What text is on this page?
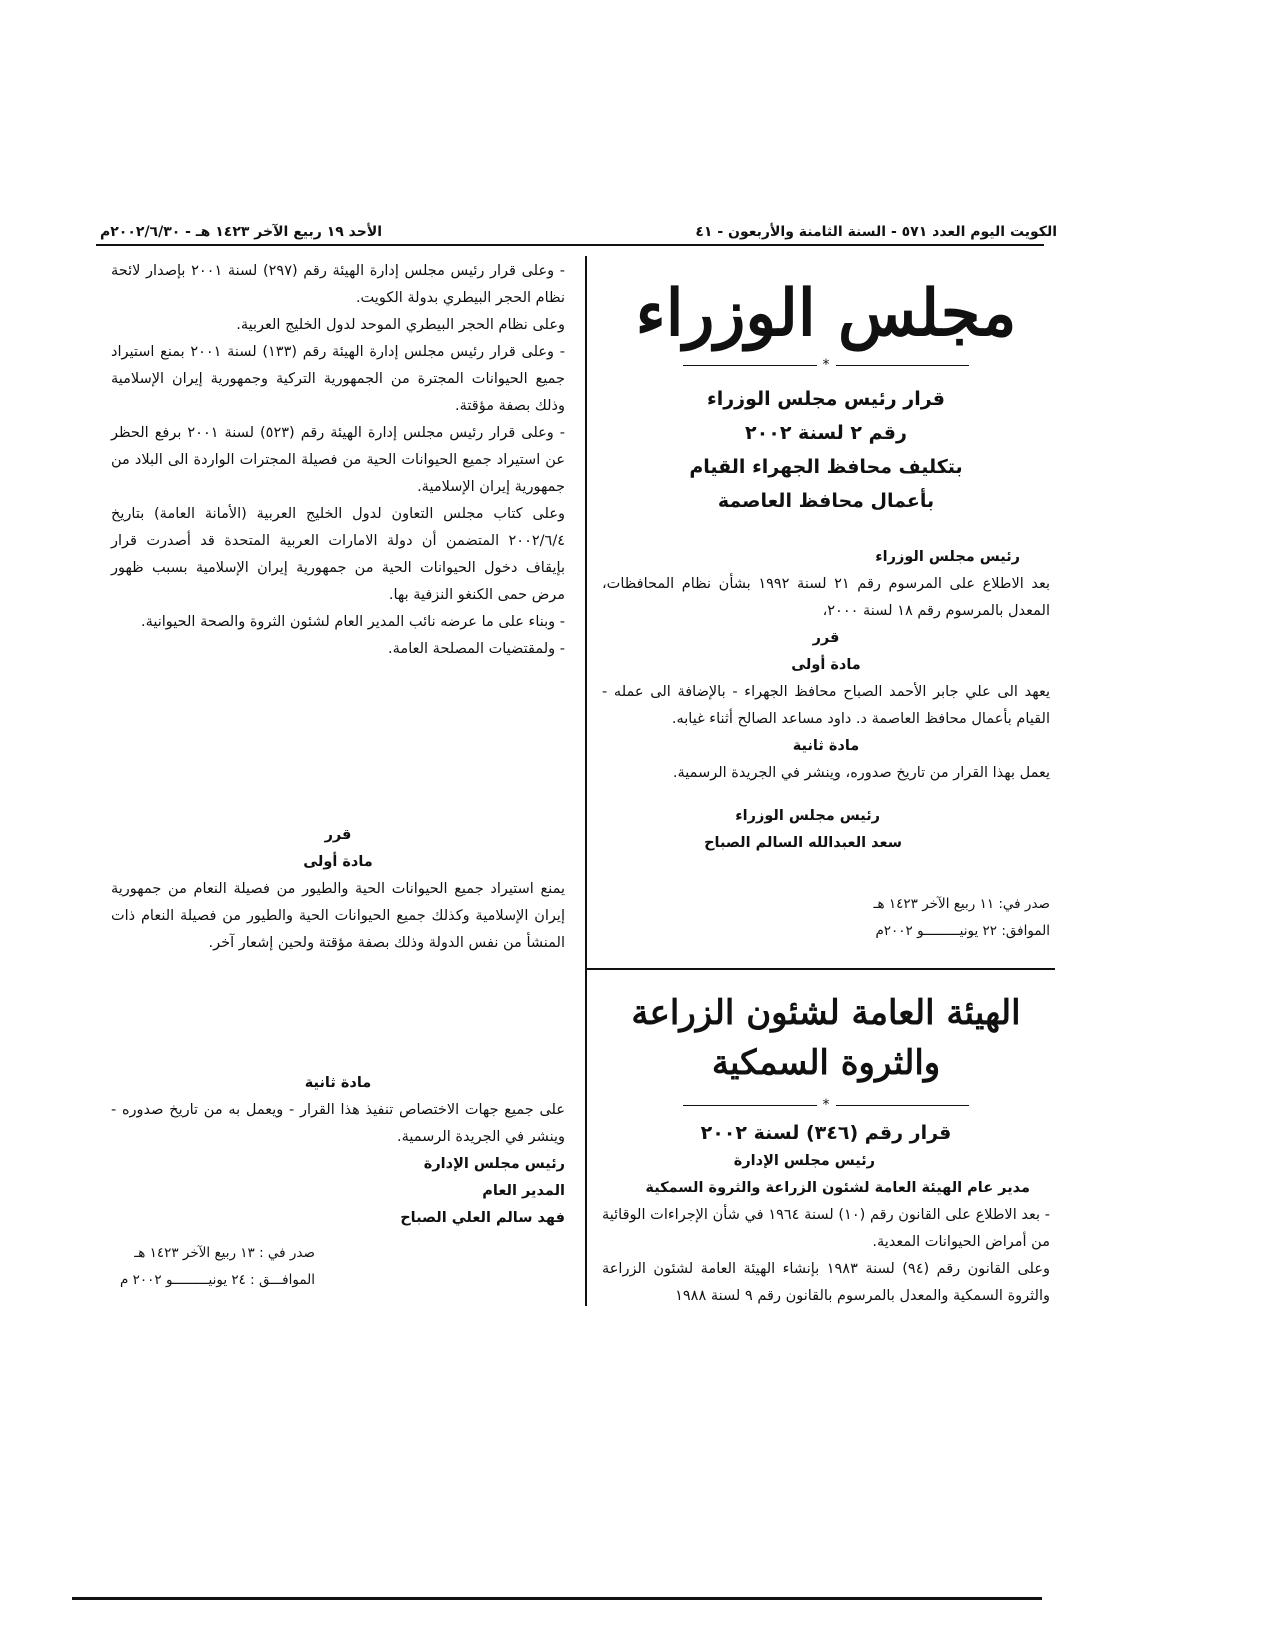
الكويت اليوم العدد ٥٧١ - السنة الثامنة والأربعون - ٤١
الأحد ١٩ ربيع الآخر ١٤٢٣ هـ - ٢٠٠٢/٦/٣٠م
مجلس الوزراء
*
قرار رئيس مجلس الوزراء
رقم ٢ لسنة ٢٠٠٢
بتكليف محافظ الجهراء القيام
بأعمال محافظ العاصمة
رئيس مجلس الوزراء

بعد الاطلاع على المرسوم رقم ٢١ لسنة ١٩٩٢ بشأن نظام المحافظات، المعدل بالمرسوم رقم ١٨ لسنة ٢٠٠٠،

قرر
مادة أولى

يعهد الى علي جابر الأحمد الصباح محافظ الجهراء - بالإضافة الى عمله - القيام بأعمال محافظ العاصمة د. داود مساعد الصالح أثناء غيابه.

مادة ثانية

يعمل بهذا القرار من تاريخ صدوره، وينشر في الجريدة الرسمية.

رئيس مجلس الوزراء
سعد العبدالله السالم الصباح
صدر في: ١١ ربيع الآخر ١٤٢٣ هـ
الموافق: ٢٢ يونيـــــــــو ٢٠٠٢م
الهيئة العامة لشئون الزراعة والثروة السمكية
*
قرار رقم (٣٤٦) لسنة ٢٠٠٢
رئيس مجلس الإدارة
مدير عام الهيئة العامة لشئون الزراعة والثروة السمكية

- بعد الاطلاع على القانون رقم (١٠) لسنة ١٩٦٤ في شأن الإجراءات الوقائية من أمراض الحيوانات المعدية.

وعلى القانون رقم (٩٤) لسنة ١٩٨٣ بإنشاء الهيئة العامة لشئون الزراعة والثروة السمكية والمعدل بالمرسوم بالقانون رقم ٩ لسنة ١٩٨٨

- وعلى قرار رئيس مجلس إدارة الهيئة رقم (٢٩٧) لسنة ٢٠٠١ بإصدار لائحة نظام الحجر البيطري بدولة الكويت.

وعلى نظام الحجر البيطري الموحد لدول الخليج العربية.

- وعلى قرار رئيس مجلس إدارة الهيئة رقم (١٣٣) لسنة ٢٠٠١ بمنع استيراد جميع الحيوانات المجترة من الجمهورية التركية وجمهورية إيران الإسلامية وذلك بصفة مؤقتة.

- وعلى قرار رئيس مجلس إدارة الهيئة رقم (٥٢٣) لسنة ٢٠٠١ برفع الحظر عن استيراد جميع الحيوانات الحية من فصيلة المجترات الواردة الى البلاد من جمهورية إيران الإسلامية.

وعلى كتاب مجلس التعاون لدول الخليج العربية (الأمانة العامة) بتاريخ ٢٠٠٢/٦/٤ المتضمن أن دولة الامارات العربية المتحدة قد أصدرت قرار بإيقاف دخول الحيوانات الحية من جمهورية إيران الإسلامية بسبب ظهور مرض حمى الكنغو النزفية بها.

- وبناء على ما عرضه نائب المدير العام لشئون الثروة والصحة الحيوانية.

- ولمقتضيات المصلحة العامة.

قرر
مادة أولى

يمنع استيراد جميع الحيوانات الحية والطيور من فصيلة النعام من جمهورية إيران الإسلامية وكذلك جميع الحيوانات الحية والطيور من فصيلة النعام ذات المنشأ من نفس الدولة وذلك بصفة مؤقتة ولحين إشعار آخر.

مادة ثانية

على جميع جهات الاختصاص تنفيذ هذا القرار - ويعمل به من تاريخ صدوره - وينشر في الجريدة الرسمية.

رئيس مجلس الإدارة
المدير العام
فهد سالم العلي الصباح
صدر في : ١٣ ربيع الآخر ١٤٢٣ هـ
الموافـــق : ٢٤ يونيـــــــــو ٢٠٠٢ م
